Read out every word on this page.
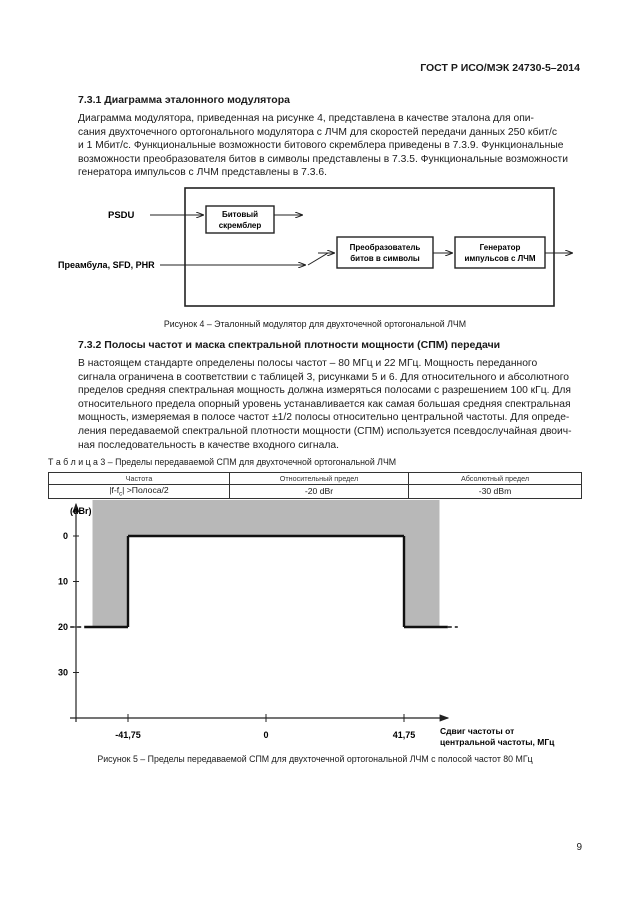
ГОСТ Р ИСО/МЭК 24730-5–2014
7.3.1 Диаграмма эталонного модулятора
Диаграмма модулятора, приведенная на рисунке 4, представлена в качестве эталона для опи-
сания двухточечного ортогонального модулятора с ЛЧМ для скоростей передачи данных 250 кбит/с
и 1 Мбит/с. Функциональные возможности битового скремблера приведены в 7.3.9. Функциональные
возможности преобразователя битов в символы представлены в 7.3.5. Функциональные возможности
генератора импульсов с ЛЧМ представлены в 7.3.6.
PSDU	Битовый
скремблер
Преамбула, SFD, PHR
Преобразователь
битов в символы
Генератор
импульсов с ЛЧМ
Рисунок 4 – Эталонный модулятор для двухточечной ортогональной ЛЧМ
7.3.2 Полосы частот и маска спектральной плотности мощности (СПМ) передачи
В настоящем стандарте определены полосы частот – 80 МГц и 22 МГц. Мощность переданного
сигнала ограничена в соответствии с таблицей 3, рисунками 5 и 6. Для относительного и абсолютного
пределов средняя спектральная мощность должна измеряться полосами с разрешением 100 кГц. Для
относительного предела опорный уровень устанавливается как самая большая средняя спектральная
мощность, измеряемая в полосе частот ±1/2 полосы относительно центральной частоты. Для опреде-
ления передаваемой спектральной плотности мощности (СПМ) используется псевдослучайная двоич-
ная последовательность в качестве входного сигнала.
Т а б л и ц а 3 – Пределы передаваемой СПМ для двухточечной ортогональной ЛЧМ
Частота	Относительный предел	Абсолютный предел
$|f-f_c|$ >Полоса/2	-20 dBr	-30 dBm
(dBr)
Сдвиг частоты от
центральной частоты, МГц
0
10
20
30
-41,75	0	41,75
Рисунок 5 – Пределы передаваемой СПМ для двухточечной ортогональной ЛЧМ с полосой частот 80 МГц
9
